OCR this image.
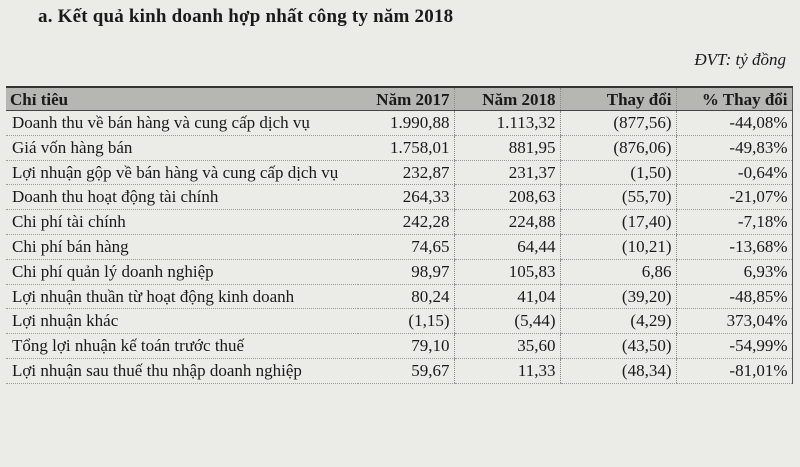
a. Kết quả kinh doanh hợp nhất công ty năm 2018
ĐVT: tỷ đồng
Chỉ tiêu	Năm 2017	Năm 2018	Thay đổi	% Thay đổi
Doanh thu về bán hàng và cung cấp dịch vụ	1.990,88	1.113,32	(877,56)	-44,08%
Giá vốn hàng bán	1.758,01	881,95	(876,06)	-49,83%
Lợi nhuận gộp về bán hàng và cung cấp dịch vụ	232,87	231,37	(1,50)	-0,64%
Doanh thu hoạt động tài chính	264,33	208,63	(55,70)	-21,07%
Chi phí tài chính	242,28	224,88	(17,40)	-7,18%
Chi phí bán hàng	74,65	64,44	(10,21)	-13,68%
Chi phí quản lý doanh nghiệp	98,97	105,83	6,86	6,93%
Lợi nhuận thuần từ hoạt động kinh doanh	80,24	41,04	(39,20)	-48,85%
Lợi nhuận khác	(1,15)	(5,44)	(4,29)	373,04%
Tổng lợi nhuận kế toán trước thuế	79,10	35,60	(43,50)	-54,99%
Lợi nhuận sau thuế thu nhập doanh nghiệp	59,67	11,33	(48,34)	-81,01%
